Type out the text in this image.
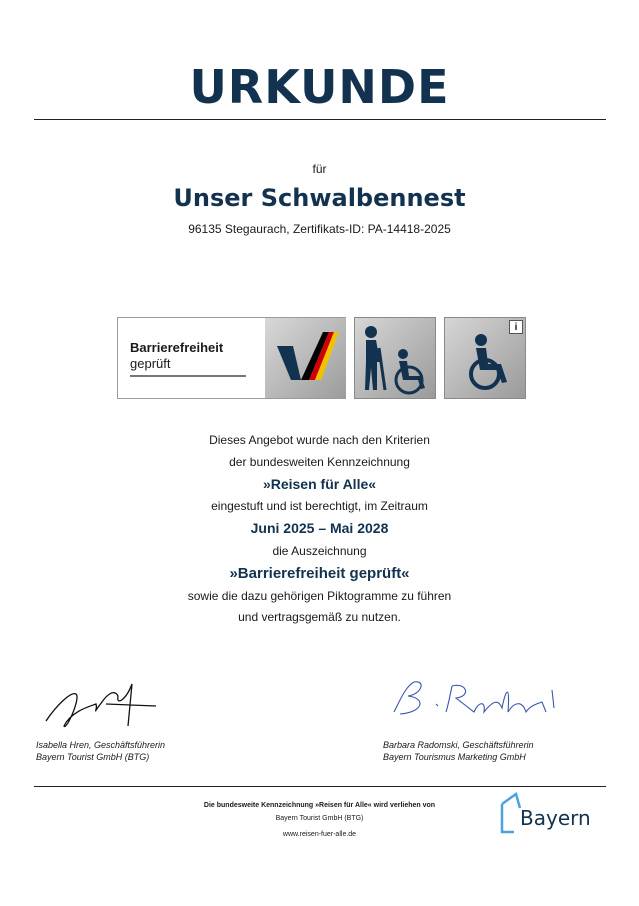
URKUNDE
für
Unser Schwalbennest
96135 Stegaurach, Zertifikats-ID: PA-14418-2025
Barrierefreiheit
geprüft
i
Dieses Angebot wurde nach den Kriterien
der bundesweiten Kennzeichnung
»Reisen für Alle«
eingestuft und ist berechtigt, im Zeitraum
Juni 2025 – Mai 2028
die Auszeichnung
»Barrierefreiheit geprüft«
sowie die dazu gehörigen Piktogramme zu führen
und vertragsgemäß zu nutzen.
Isabella Hren, Geschäftsführerin
Bayern Tourist GmbH (BTG)
Barbara Radomski, Geschäftsführerin
Bayern Tourismus Marketing GmbH
Die bundesweite Kennzeichnung »Reisen für Alle« wird verliehen von
Bayern Tourist GmbH (BTG)
www.reisen-fuer-alle.de
Bayern
